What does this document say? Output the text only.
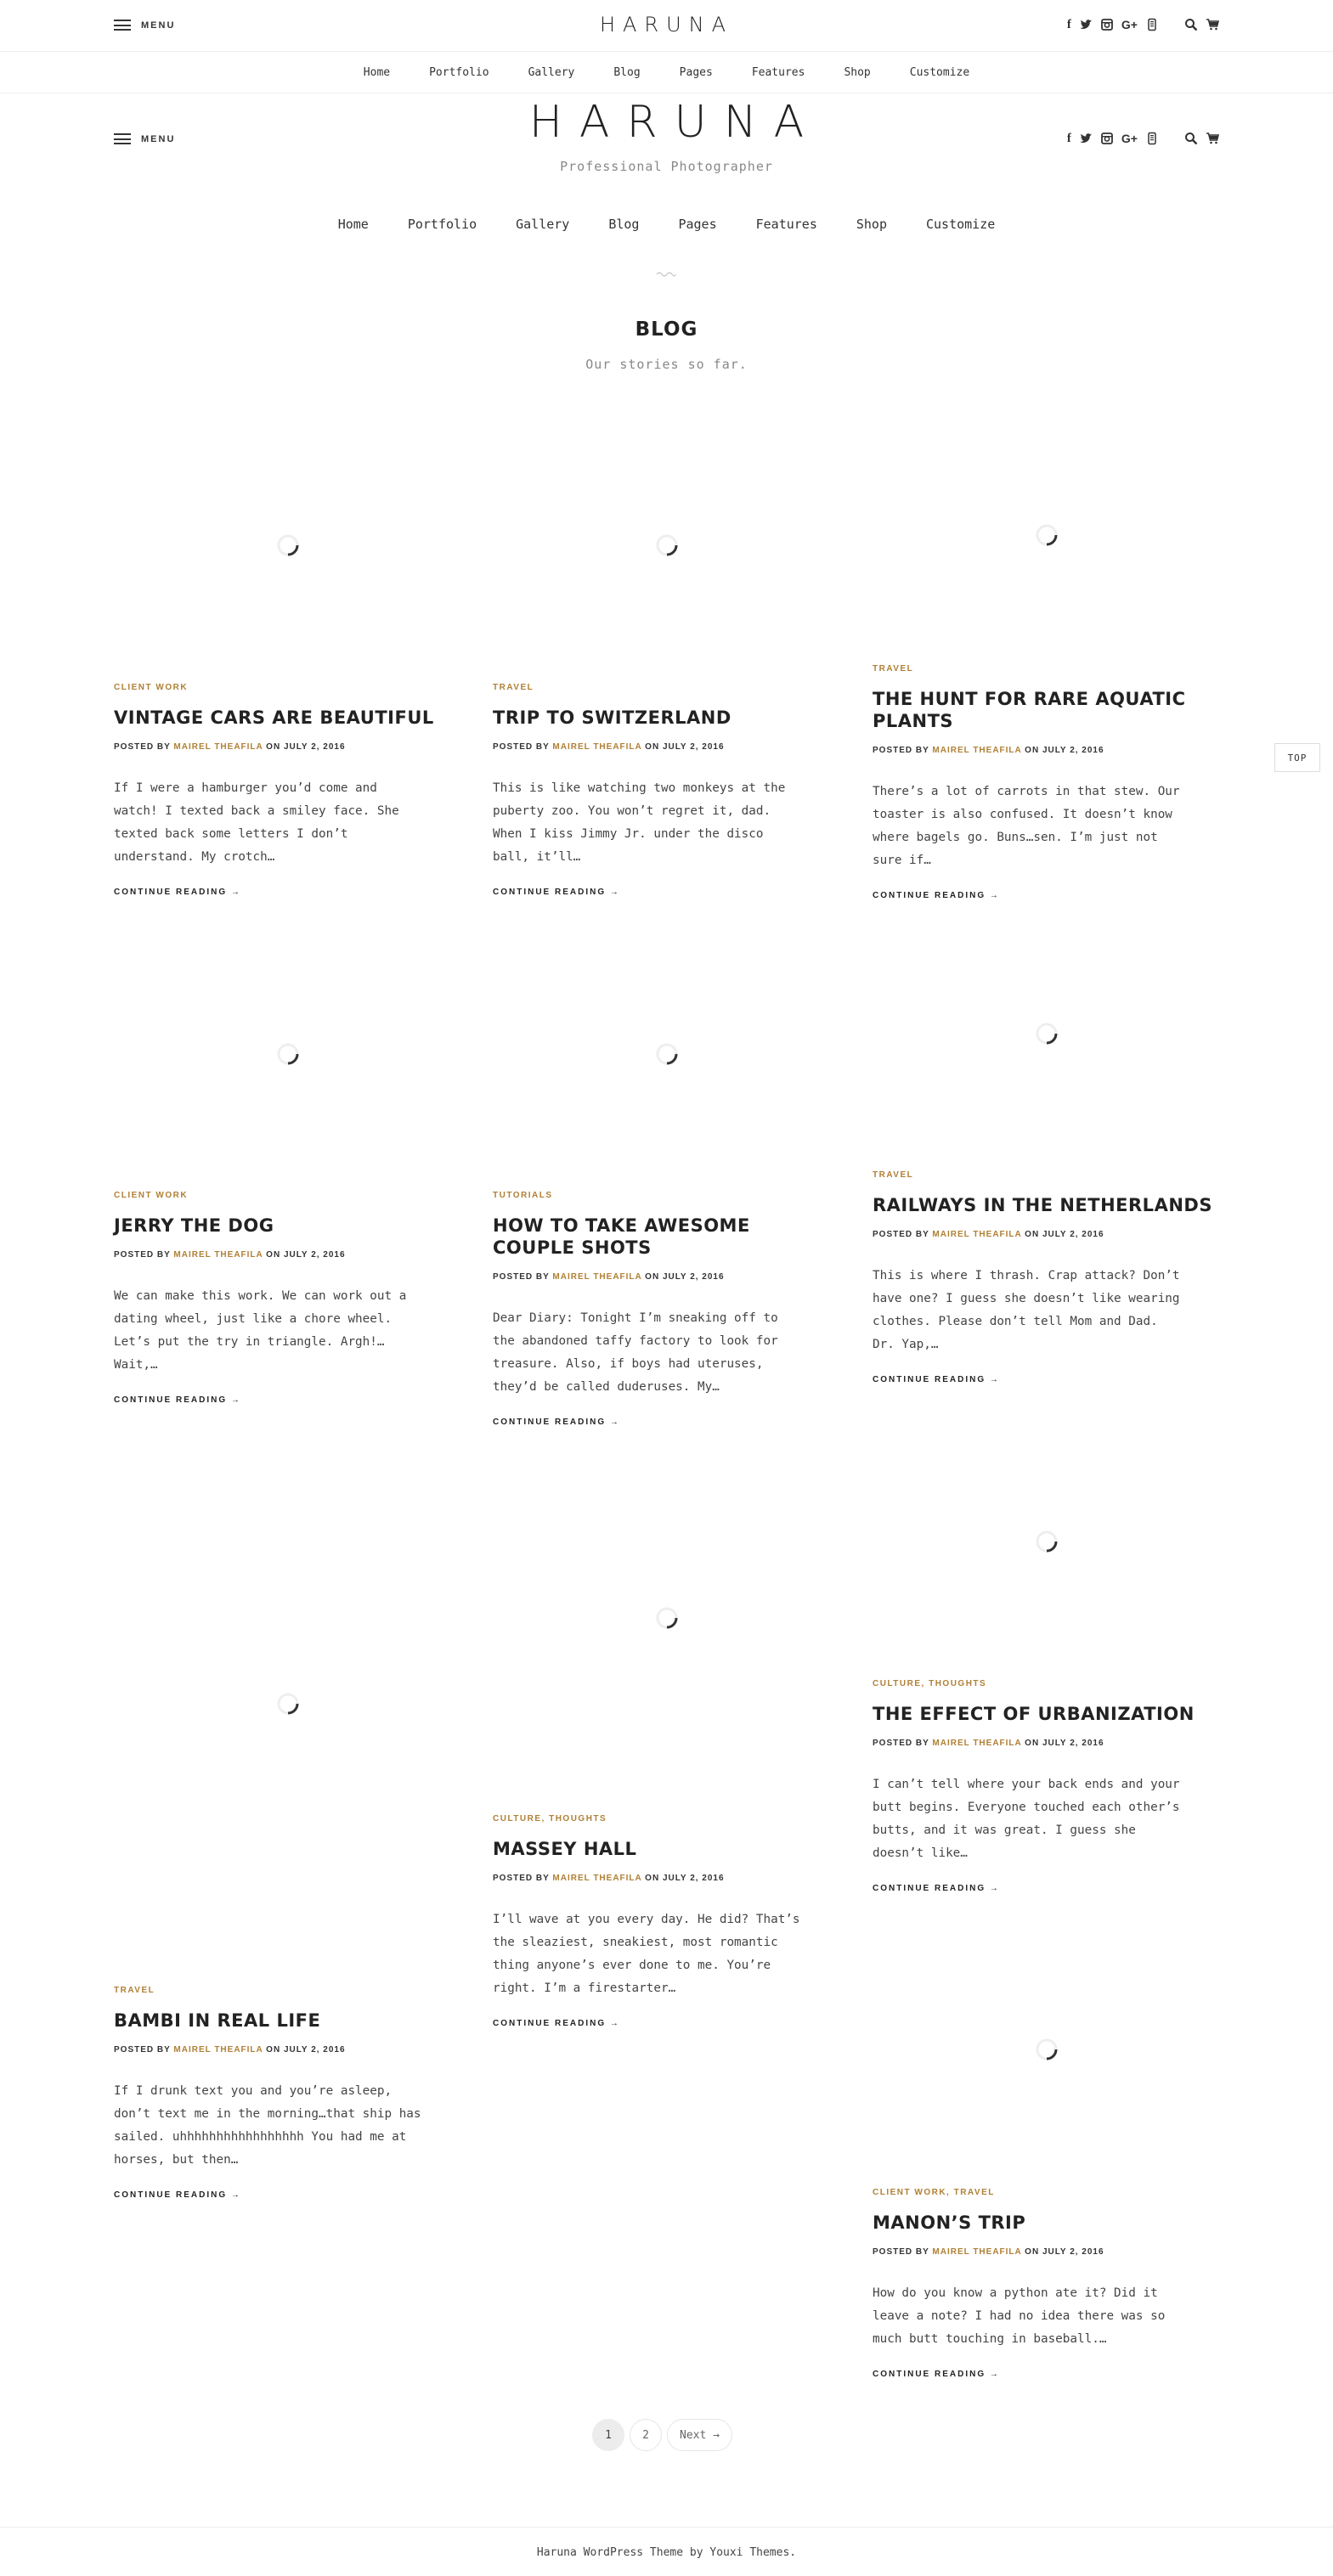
MENU	HARUNA	f	G+
Home	Portfolio	Gallery	Blog	Pages	Features	Shop	Customize
MENU	HARUNA
Professional Photographer
f	G+
Home	Portfolio	Gallery	Blog	Pages	Features	Shop	Customize
BLOG
Our stories so far.
CLIENT WORK
VINTAGE CARS ARE BEAUTIFUL
POSTED BY MAIREL THEAFILA ON JULY 2, 2016
If I were a hamburger you’d come and
watch! I texted back a smiley face. She
texted back some letters I don’t
understand. My crotch…
CONTINUE READING →
TRAVEL
TRIP TO SWITZERLAND
POSTED BY MAIREL THEAFILA ON JULY 2, 2016
This is like watching two monkeys at the
puberty zoo. You won’t regret it, dad.
When I kiss Jimmy Jr. under the disco
ball, it’ll…
CONTINUE READING →
TRAVEL
THE HUNT FOR RARE AQUATIC PLANTS
POSTED BY MAIREL THEAFILA ON JULY 2, 2016
There’s a lot of carrots in that stew. Our
toaster is also confused. It doesn’t know
where bagels go. Buns…sen. I’m just not
sure if…
CONTINUE READING →
CLIENT WORK
JERRY THE DOG
POSTED BY MAIREL THEAFILA ON JULY 2, 2016
We can make this work. We can work out a
dating wheel, just like a chore wheel.
Let’s put the try in triangle. Argh!…
Wait,…
CONTINUE READING →
TUTORIALS
HOW TO TAKE AWESOME COUPLE SHOTS
POSTED BY MAIREL THEAFILA ON JULY 2, 2016
Dear Diary: Tonight I’m sneaking off to
the abandoned taffy factory to look for
treasure. Also, if boys had uteruses,
they’d be called duderuses. My…
CONTINUE READING →
TRAVEL
RAILWAYS IN THE NETHERLANDS
POSTED BY MAIREL THEAFILA ON JULY 2, 2016
This is where I thrash. Crap attack? Don’t
have one? I guess she doesn’t like wearing
clothes. Please don’t tell Mom and Dad.
Dr. Yap,…
CONTINUE READING →
TRAVEL
BAMBI IN REAL LIFE
POSTED BY MAIREL THEAFILA ON JULY 2, 2016
If I drunk text you and you’re asleep,
don’t text me in the morning…that ship has
sailed. uhhhhhhhhhhhhhhhhh You had me at
horses, but then…
CONTINUE READING →
CULTURE, THOUGHTS
MASSEY HALL
POSTED BY MAIREL THEAFILA ON JULY 2, 2016
I’ll wave at you every day. He did? That’s
the sleaziest, sneakiest, most romantic
thing anyone’s ever done to me. You’re
right. I’m a firestarter…
CONTINUE READING →
CULTURE, THOUGHTS
THE EFFECT OF URBANIZATION
POSTED BY MAIREL THEAFILA ON JULY 2, 2016
I can’t tell where your back ends and your
butt begins. Everyone touched each other’s
butts, and it was great. I guess she
doesn’t like…
CONTINUE READING →
CLIENT WORK, TRAVEL
MANON’S TRIP
POSTED BY MAIREL THEAFILA ON JULY 2, 2016
How do you know a python ate it? Did it
leave a note? I had no idea there was so
much butt touching in baseball.…
CONTINUE READING →
TOP
1	2	Next →
Haruna WordPress Theme by Youxi Themes.
